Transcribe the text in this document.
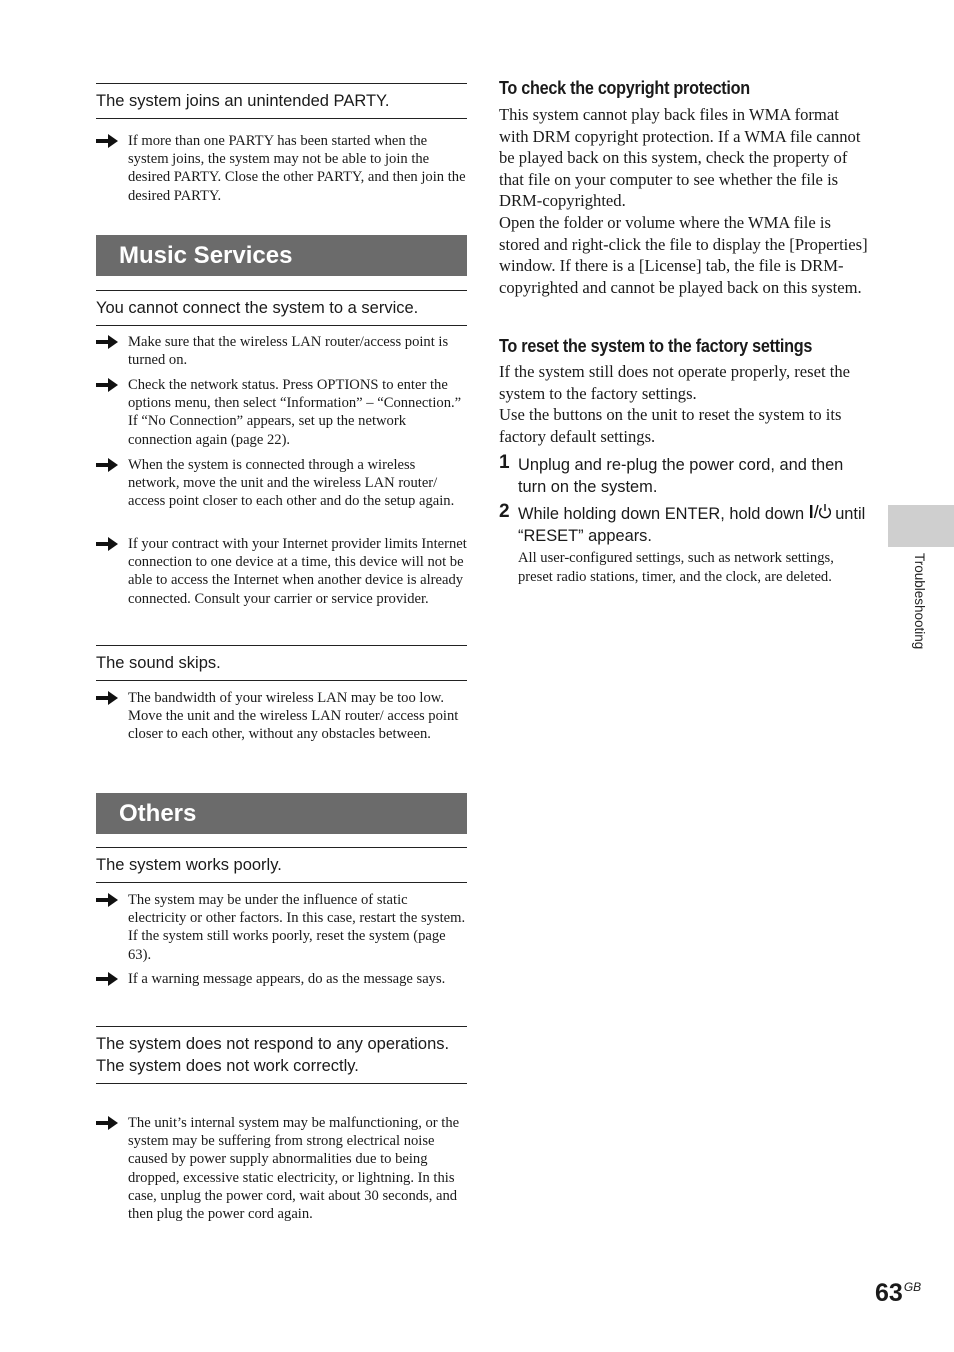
The system joins an unintended PARTY.
If more than one PARTY has been started when the system joins, the system may not be able to join the desired PARTY. Close the other PARTY, and then join the desired PARTY.
Music Services
You cannot connect the system to a service.
Make sure that the wireless LAN router/access point is turned on.
Check the network status. Press OPTIONS to enter the options menu, then select “Information” – “Connection.” If “No Connection” appears, set up the network connection again (page 22).
When the system is connected through a wireless network, move the unit and the wireless LAN router/ access point closer to each other and do the setup again.
If your contract with your Internet provider limits Internet connection to one device at a time, this device will not be able to access the Internet when another device is already connected. Consult your carrier or service provider.
The sound skips.
The bandwidth of your wireless LAN may be too low. Move the unit and the wireless LAN router/ access point closer to each other, without any obstacles between.
Others
The system works poorly.
The system may be under the influence of static electricity or other factors. In this case, restart the system. If the system still works poorly, reset the system (page 63).
If a warning message appears, do as the message says.
The system does not respond to any operations. The system does not work correctly.
The unit’s internal system may be malfunctioning, or the system may be suffering from strong electrical noise caused by power supply abnormalities due to being dropped, excessive static electricity, or lightning. In this case, unplug the power cord, wait about 30 seconds, and then plug the power cord again.
To check the copyright protection
This system cannot play back files in WMA format with DRM copyright protection. If a WMA file cannot be played back on this system, check the property of that file on your computer to see whether the file is DRM-copyrighted.
Open the folder or volume where the WMA file is stored and right-click the file to display the [Properties] window. If there is a [License] tab, the file is DRM-copyrighted and cannot be played back on this system.
To reset the system to the factory settings
If the system still does not operate properly, reset the system to the factory settings.
Use the buttons on the unit to reset the system to its factory default settings.
1 Unplug and re-plug the power cord, and then turn on the system.
2 While holding down ENTER, hold down  until “RESET” appears.
All user-configured settings, such as network settings, preset radio stations, timer, and the clock, are deleted.	Troubleshooting
$63^{GB}$
